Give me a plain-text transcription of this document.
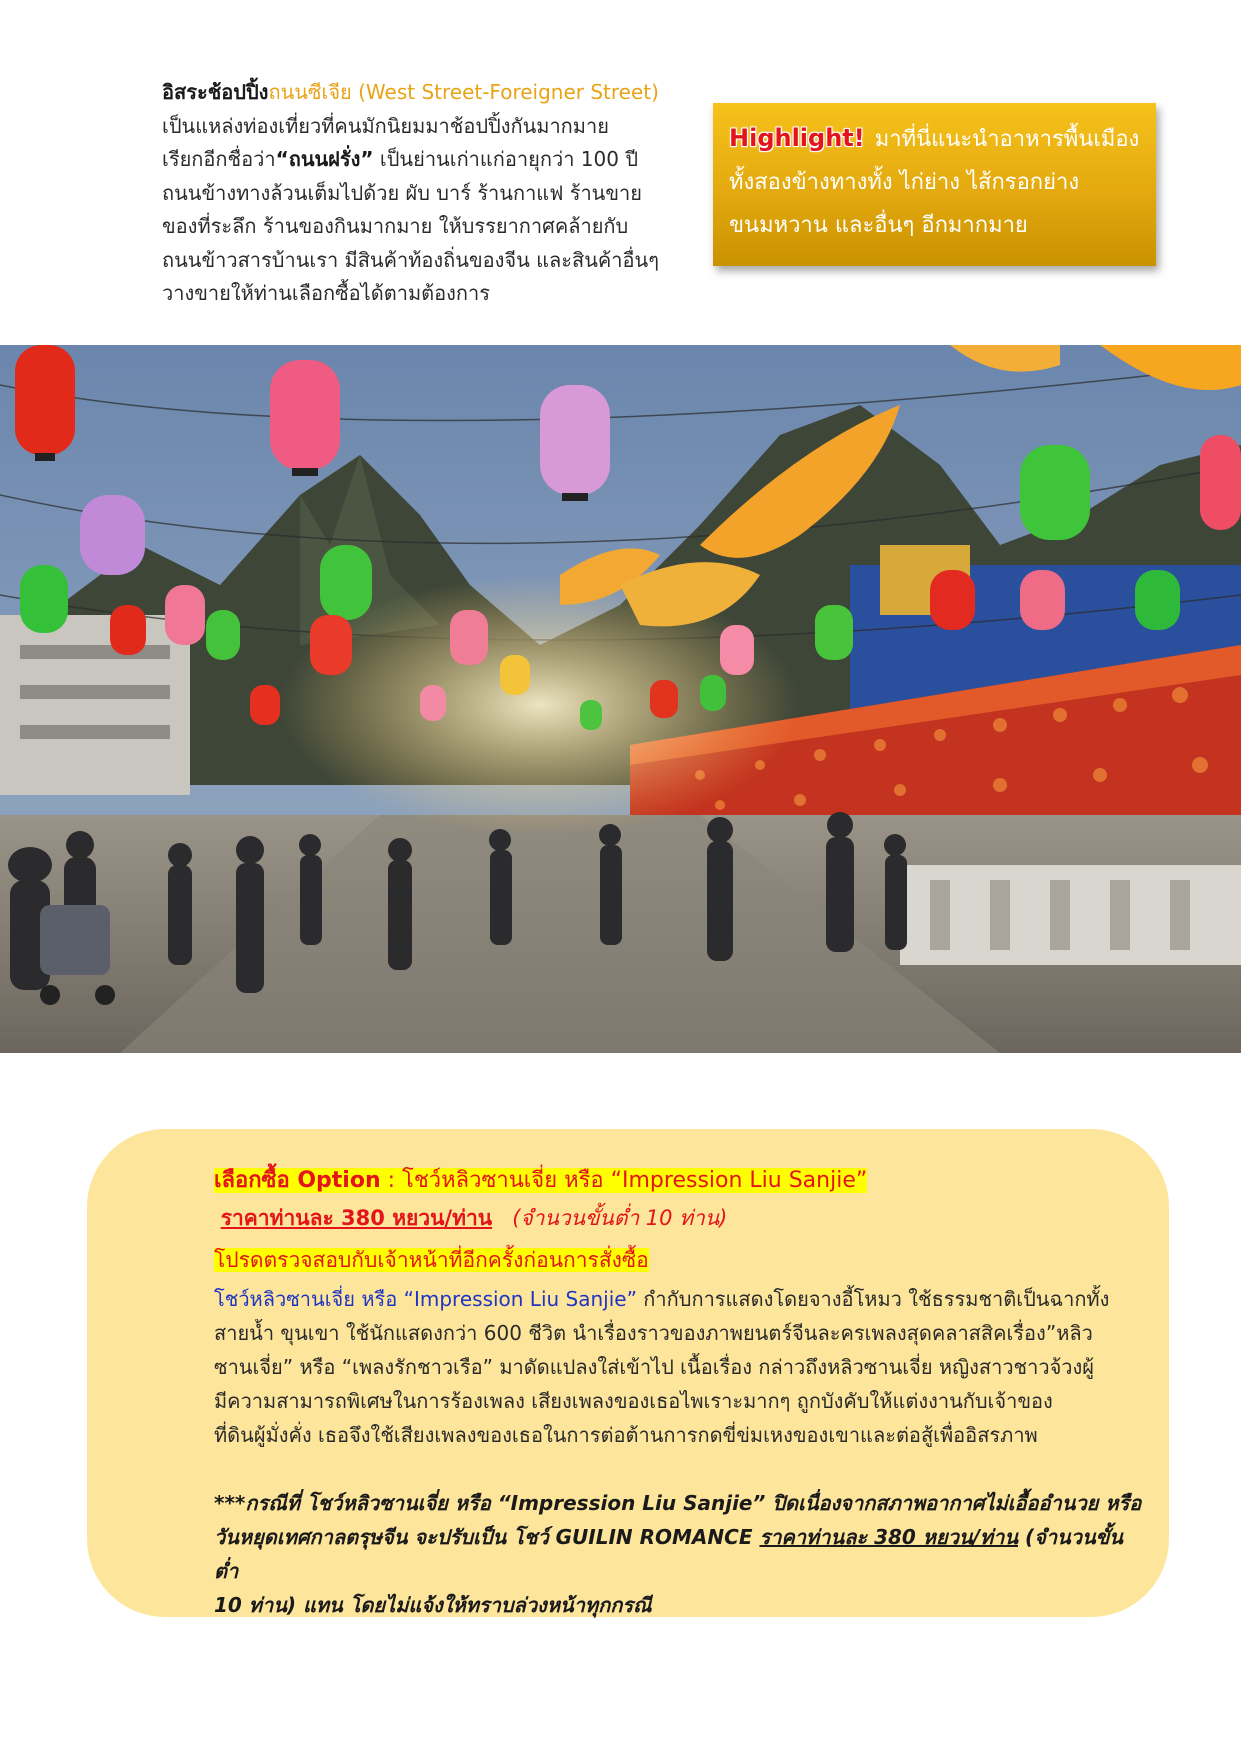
อิสระช้อปปิ้งถนนซีเจีย (West Street-Foreigner Street)

เป็นแหล่งท่องเที่ยวที่คนมักนิยมมาช้อปปิ้งกันมากมาย

เรียกอีกชื่อว่า“ถนนฝรั่ง” เป็นย่านเก่าแก่อายุกว่า 100 ปี

ถนนข้างทางล้วนเต็มไปด้วย ผับ บาร์ ร้านกาแฟ ร้านขาย

ของที่ระลึก ร้านของกินมากมาย ให้บรรยากาศคล้ายกับ

ถนนข้าวสารบ้านเรา มีสินค้าท้องถิ่นของจีน และสินค้าอื่นๆ

วางขายให้ท่านเลือกซื้อได้ตามต้องการ

Highlight! มาที่นี่แนะนำอาหารพื้นเมือง
ทั้งสองข้างทางทั้ง ไก่ย่าง ไส้กรอกย่าง
ขนมหวาน และอื่นๆ อีกมากมาย
เลือกซื้อ Option : โชว์หลิวซานเจี่ย หรือ “Impression Liu Sanjie”
ราคาท่านละ 380 หยวน/ท่าน (จำนวนขั้นต่ำ 10 ท่าน)
โปรดตรวจสอบกับเจ้าหน้าที่อีกครั้งก่อนการสั่งซื้อ

โชว์หลิวซานเจี่ย หรือ “Impression Liu Sanjie” กำกับการแสดงโดยจางอี้โหมว ใช้ธรรมชาติเป็นฉากทั้ง

สายน้ำ ขุนเขา ใช้นักแสดงกว่า 600 ชีวิต นำเรื่องราวของภาพยนตร์จีนละครเพลงสุดคลาสสิคเรื่อง”หลิว

ซานเจี่ย” หรือ “เพลงรักชาวเรือ” มาดัดแปลงใส่เข้าไป เนื้อเรื่อง กล่าวถึงหลิวซานเจี่ย หญิงสาวชาวจ้วงผู้

มีความสามารถพิเศษในการร้องเพลง เสียงเพลงของเธอไพเราะมากๆ ถูกบังคับให้แต่งงานกับเจ้าของ

ที่ดินผู้มั่งคั่ง เธอจึงใช้เสียงเพลงของเธอในการต่อต้านการกดขี่ข่มเหงของเขาและต่อสู้เพื่ออิสรภาพ

***กรณีที่ โชว์หลิวซานเจี่ย หรือ “Impression Liu Sanjie” ปิดเนื่องจากสภาพอากาศไม่เอื้ออำนวย หรือ

วันหยุดเทศกาลตรุษจีน จะปรับเป็น โชว์ GUILIN ROMANCE ราคาท่านละ 380 หยวน/ท่าน (จำนวนขั้นต่ำ

10 ท่าน) แทน โดยไม่แจ้งให้ทราบล่วงหน้าทุกกรณี
